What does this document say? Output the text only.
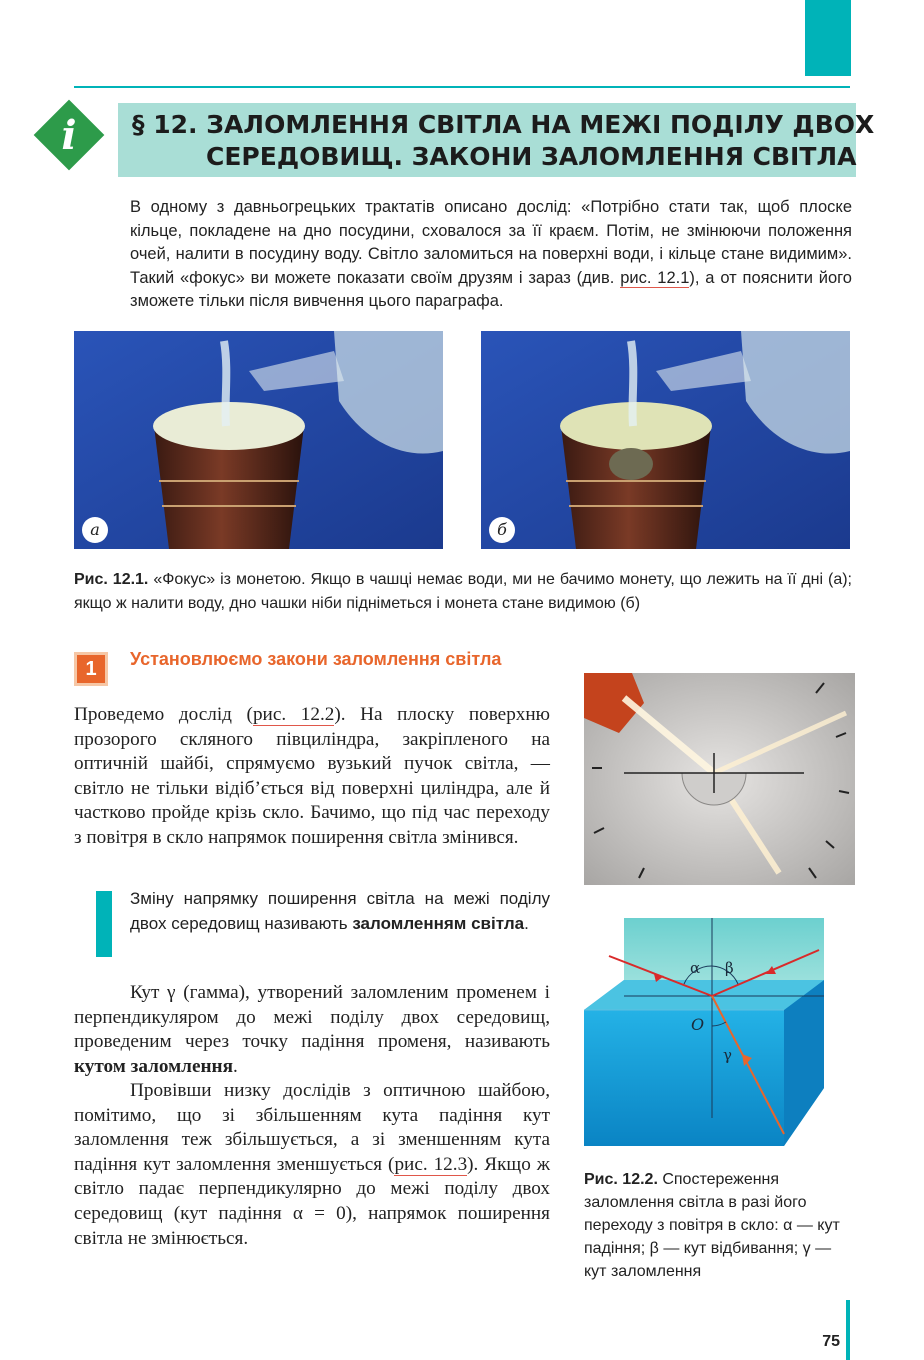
i	§ 12. ЗАЛОМЛЕННЯ СВІТЛА НА МЕЖІ ПОДІЛУ ДВОХ
СЕРЕДОВИЩ. ЗАКОНИ ЗАЛОМЛЕННЯ СВІТЛА

В одному з давньогрецьких трактатів описано дослід: «Потрібно стати так, щоб плоске кільце, покладене на дно посудини, сховалося за її краєм. Потім, не змінюючи положення очей, налити в посудину воду. Світло заломиться на поверхні води, і кільце стане видимим». Такий «фокус» ви можете показати своїм друзям і зараз (див. рис. 12.1), а от пояснити його зможете тільки після вивчення цього параграфа.

а	б

Рис. 12.1. «Фокус» із монетою. Якщо в чашці немає води, ми не бачимо монету, що лежить на її дні (а); якщо ж налити воду, дно чашки ніби підніметься і монета стане видимою (б)

1	Установлюємо закони заломлення світла

Проведемо дослід (рис. 12.2). На плоску поверхню прозорого скляного півциліндра, закріпленого на оптичній шайбі, спрямуємо вузький пучок світла, — світло не тільки відіб’ється від поверхні циліндра, але й частково пройде крізь скло. Бачимо, що під час переходу з повітря в скло напрямок поширення світла змінився.

Зміну напрямку поширення світла на межі поділу двох середовищ називають заломленням світла.

Кут γ (гамма), утворений заломленим променем і перпендикуляром до межі поділу двох середовищ, проведеним через точку падіння променя, називають кутом заломлення.

Провівши низку дослідів з оптичною шайбою, помітимо, що зі збільшенням кута падіння кут заломлення теж збільшується, а зі зменшенням кута падіння кут заломлення зменшується (рис. 12.3). Якщо ж світло падає перпендикулярно до межі поділу двох середовищ (кут падіння α = 0), напрямок поширення світла не змінюється.

α β
γ
O

Рис. 12.2. Спостереження заломлення світла в разі його переходу з повітря в скло: α — кут падіння; β — кут відбивання; γ — кут заломлення

75
